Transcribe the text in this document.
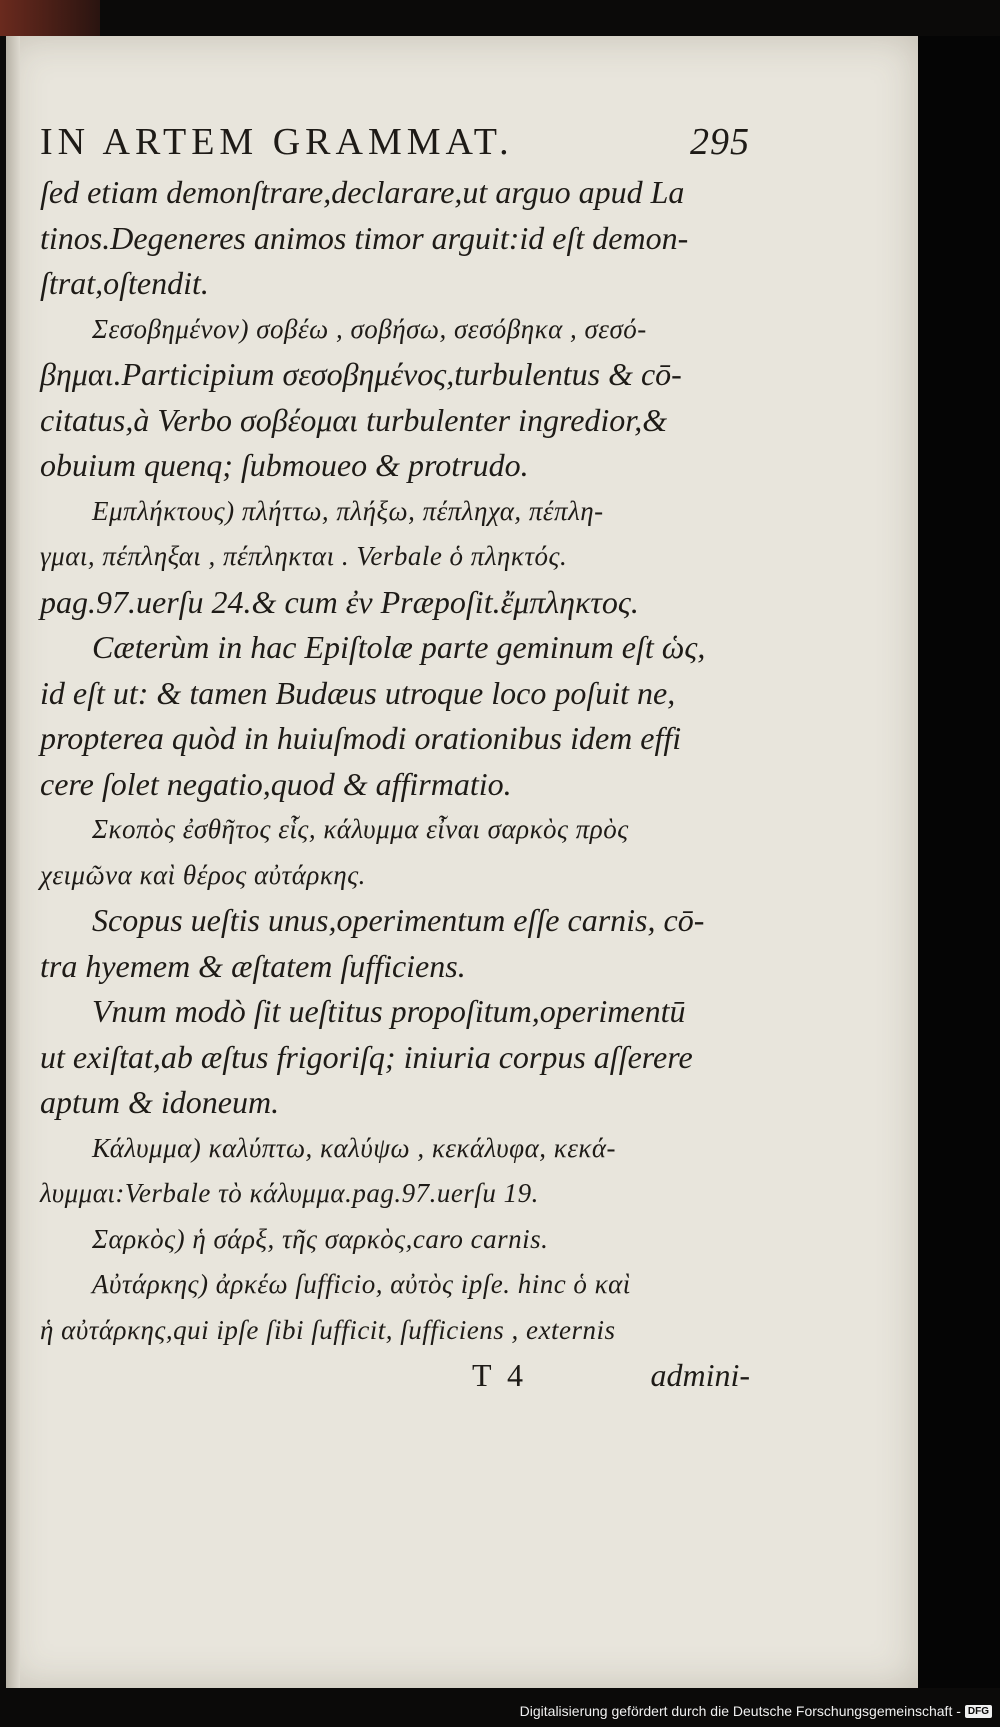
IN ARTEM GRAMMAT.	295
ſed etiam demonſtrare,declarare,ut arguo apud La
tinos.Degeneres animos timor arguit:id eſt demon-
ſtrat,oſtendit.
Σεσοβημένον) σοβέω , σοβήσω, σεσόβηκα , σεσό-
βημαι.Participium σεσοβημένος,turbulentus & cō-
citatus,à Verbo σοβέομαι turbulenter ingredior,&
obuium quenq; ſubmoueo & protrudo.
Εμπλήκτους) πλήττω, πλήξω, πέπληχα, πέπλη-
γμαι, πέπληξαι , πέπληκται . Verbale ὁ πληκτός.
pag.97.uerſu 24.& cum ἐν Præpoſit.ἔμπληκτος.
Cæterùm in hac Epiſtolæ parte geminum eſt ὡς,
id eſt ut: & tamen Budæus utroque loco poſuit ne,
propterea quòd in huiuſmodi orationibus idem effi
cere ſolet negatio,quod & affirmatio.
Σκοπὸς ἐσθῆτος εἷς, κάλυμμα εἶναι σαρκὸς πρὸς
χειμῶνα καὶ θέρος αὐτάρκης.
Scopus ueſtis unus,operimentum eſſe carnis, cō-
tra hyemem & æſtatem ſufficiens.
Vnum modò ſit ueſtitus propoſitum,operimentū
ut exiſtat,ab æſtus frigoriſq; iniuria corpus aſſerere
aptum & idoneum.
Κάλυμμα) καλύπτω, καλύψω , κεκάλυφα, κεκά-
λυμμαι:Verbale τὸ κάλυμμα.pag.97.uerſu 19.
Σαρκὸς) ἡ σάρξ, τῆς σαρκὸς,caro carnis.
Αὐτάρκης) ἀρκέω ſufficio, αὐτὸς ipſe. hinc ὁ καὶ
ἡ αὐτάρκης,qui ipſe ſibi ſufficit, ſufficiens , externis
T  4	admini-
Digitalisierung gefördert durch die Deutsche Forschungsgemeinschaft - DFG
